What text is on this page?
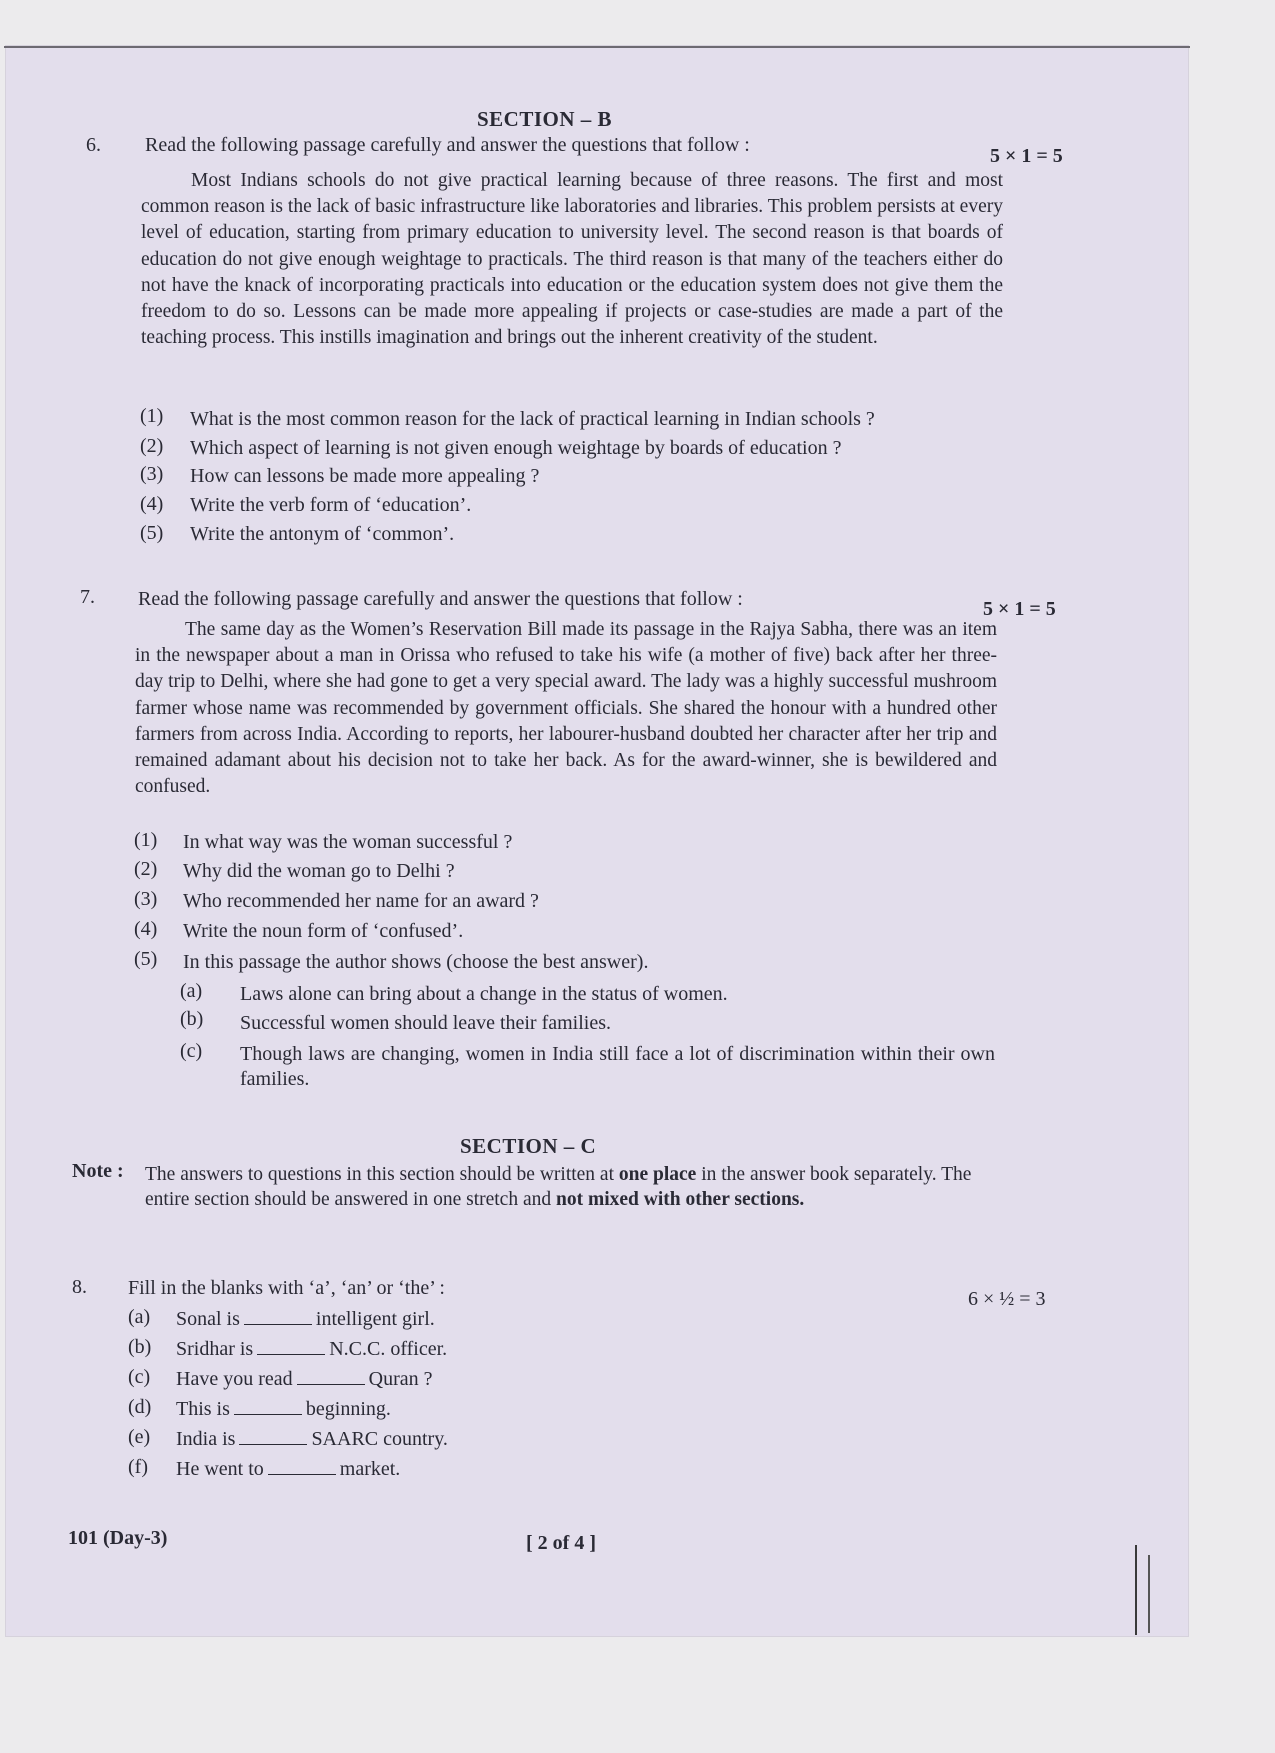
SECTION – B
6. Read the following passage carefully and answer the questions that follow :	5 × 1 = 5
Most Indians schools do not give practical learning because of three reasons. The first and most common reason is the lack of basic infrastructure like laboratories and libraries. This problem persists at every level of education, starting from primary education to university level. The second reason is that boards of education do not give enough weightage to practicals. The third reason is that many of the teachers either do not have the knack of incorporating practicals into education or the education system does not give them the freedom to do so. Lessons can be made more appealing if projects or case-studies are made a part of the teaching process. This instills imagination and brings out the inherent creativity of the student.
(1) What is the most common reason for the lack of practical learning in Indian schools ?
(2) Which aspect of learning is not given enough weightage by boards of education ?
(3) How can lessons be made more appealing ?
(4) Write the verb form of ‘education’.
(5) Write the antonym of ‘common’.
7. Read the following passage carefully and answer the questions that follow :	5 × 1 = 5
The same day as the Women’s Reservation Bill made its passage in the Rajya Sabha, there was an item in the newspaper about a man in Orissa who refused to take his wife (a mother of five) back after her three-day trip to Delhi, where she had gone to get a very special award. The lady was a highly successful mushroom farmer whose name was recommended by government officials. She shared the honour with a hundred other farmers from across India. According to reports, her labourer-husband doubted her character after her trip and remained adamant about his decision not to take her back. As for the award-winner, she is bewildered and confused.
(1) In what way was the woman successful ?
(2) Why did the woman go to Delhi ?
(3) Who recommended her name for an award ?
(4) Write the noun form of ‘confused’.
(5) In this passage the author shows (choose the best answer).
(a) Laws alone can bring about a change in the status of women.
(b) Successful women should leave their families.
(c) Though laws are changing, women in India still face a lot of discrimination within their own families.
SECTION – C
Note : The answers to questions in this section should be written at one place in the answer book separately. The entire section should be answered in one stretch and not mixed with other sections.
8. Fill in the blanks with ‘a’, ‘an’ or ‘the’ :	6 × ½ = 3
(a) Sonal is	intelligent girl.
(b) Sridhar is	N.C.C. officer.
(c) Have you read	Quran ?
(d) This is	beginning.
(e) India is	SAARC country.
(f) He went to	market.
101 (Day-3)	[ 2 of 4 ]
